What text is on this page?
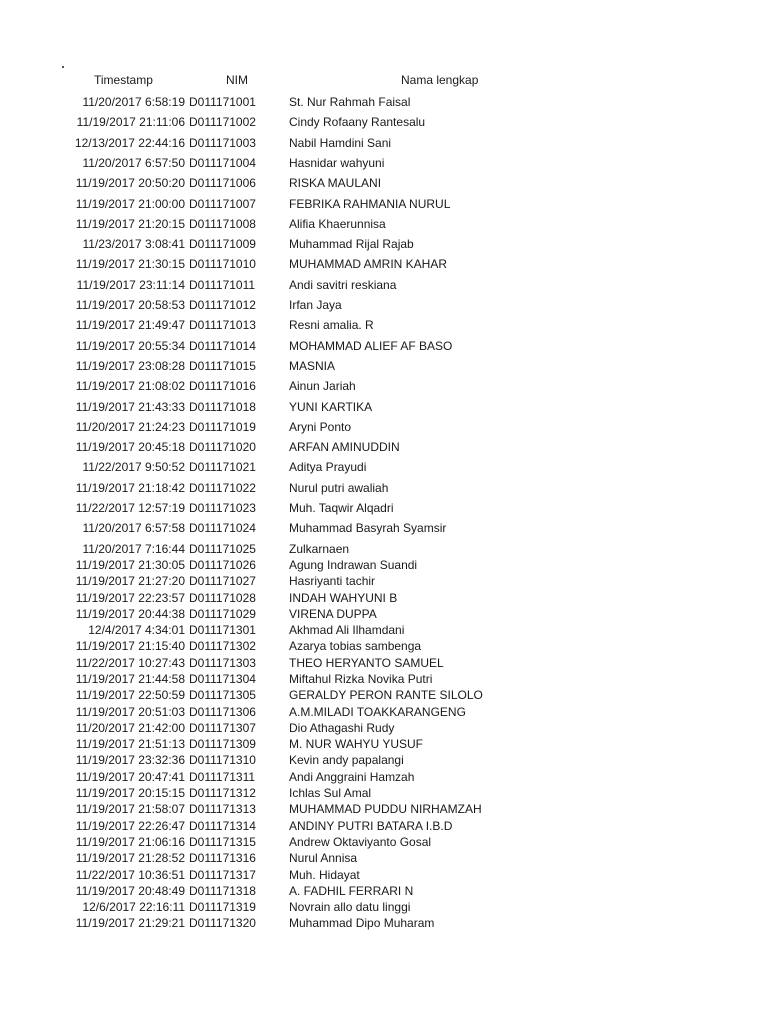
Timestamp	NIM	Nama lengkap
11/20/2017 6:58:19 D011171001	St. Nur Rahmah Faisal
11/19/2017 21:11:06 D011171002	Cindy Rofaany Rantesalu
12/13/2017 22:44:16 D011171003	Nabil Hamdini Sani
11/20/2017 6:57:50 D011171004	Hasnidar wahyuni
11/19/2017 20:50:20 D011171006	RISKA MAULANI
11/19/2017 21:00:00 D011171007	FEBRIKA RAHMANIA NURUL
11/19/2017 21:20:15 D011171008	Alifia Khaerunnisa
11/23/2017 3:08:41 D011171009	Muhammad Rijal Rajab
11/19/2017 21:30:15 D011171010	MUHAMMAD AMRIN KAHAR
11/19/2017 23:11:14 D011171011	Andi savitri reskiana
11/19/2017 20:58:53 D011171012	Irfan Jaya
11/19/2017 21:49:47 D011171013	Resni amalia. R
11/19/2017 20:55:34 D011171014	MOHAMMAD ALIEF AF BASO
11/19/2017 23:08:28 D011171015	MASNIA
11/19/2017 21:08:02 D011171016	Ainun Jariah
11/19/2017 21:43:33 D011171018	YUNI KARTIKA
11/20/2017 21:24:23 D011171019	Aryni Ponto
11/19/2017 20:45:18 D011171020	ARFAN AMINUDDIN
11/22/2017 9:50:52 D011171021	Aditya Prayudi
11/19/2017 21:18:42 D011171022	Nurul putri awaliah
11/22/2017 12:57:19 D011171023	Muh. Taqwir Alqadri
11/20/2017 6:57:58 D011171024	Muhammad Basyrah Syamsir
11/20/2017 7:16:44 D011171025	Zulkarnaen
11/19/2017 21:30:05 D011171026	Agung Indrawan Suandi
11/19/2017 21:27:20 D011171027	Hasriyanti tachir
11/19/2017 22:23:57 D011171028	INDAH WAHYUNI B
11/19/2017 20:44:38 D011171029	VIRENA DUPPA
12/4/2017 4:34:01 D011171301	Akhmad Ali Ilhamdani
11/19/2017 21:15:40 D011171302	Azarya tobias sambenga
11/22/2017 10:27:43 D011171303	THEO HERYANTO SAMUEL
11/19/2017 21:44:58 D011171304	Miftahul Rizka Novika Putri
11/19/2017 22:50:59 D011171305	GERALDY PERON RANTE SILOLO
11/19/2017 20:51:03 D011171306	A.M.MILADI TOAKKARANGENG
11/20/2017 21:42:00 D011171307	Dio Athagashi Rudy
11/19/2017 21:51:13 D011171309	M. NUR WAHYU YUSUF
11/19/2017 23:32:36 D011171310	Kevin andy papalangi
11/19/2017 20:47:41 D011171311	Andi Anggraini Hamzah
11/19/2017 20:15:15 D011171312	Ichlas Sul Amal
11/19/2017 21:58:07 D011171313	MUHAMMAD PUDDU NIRHAMZAH
11/19/2017 22:26:47 D011171314	ANDINY PUTRI BATARA I.B.D
11/19/2017 21:06:16 D011171315	Andrew Oktaviyanto Gosal
11/19/2017 21:28:52 D011171316	Nurul Annisa
11/22/2017 10:36:51 D011171317	Muh. Hidayat
11/19/2017 20:48:49 D011171318	A. FADHIL FERRARI N
12/6/2017 22:16:11 D011171319	Novrain allo datu linggi
11/19/2017 21:29:21 D011171320	Muhammad Dipo Muharam
